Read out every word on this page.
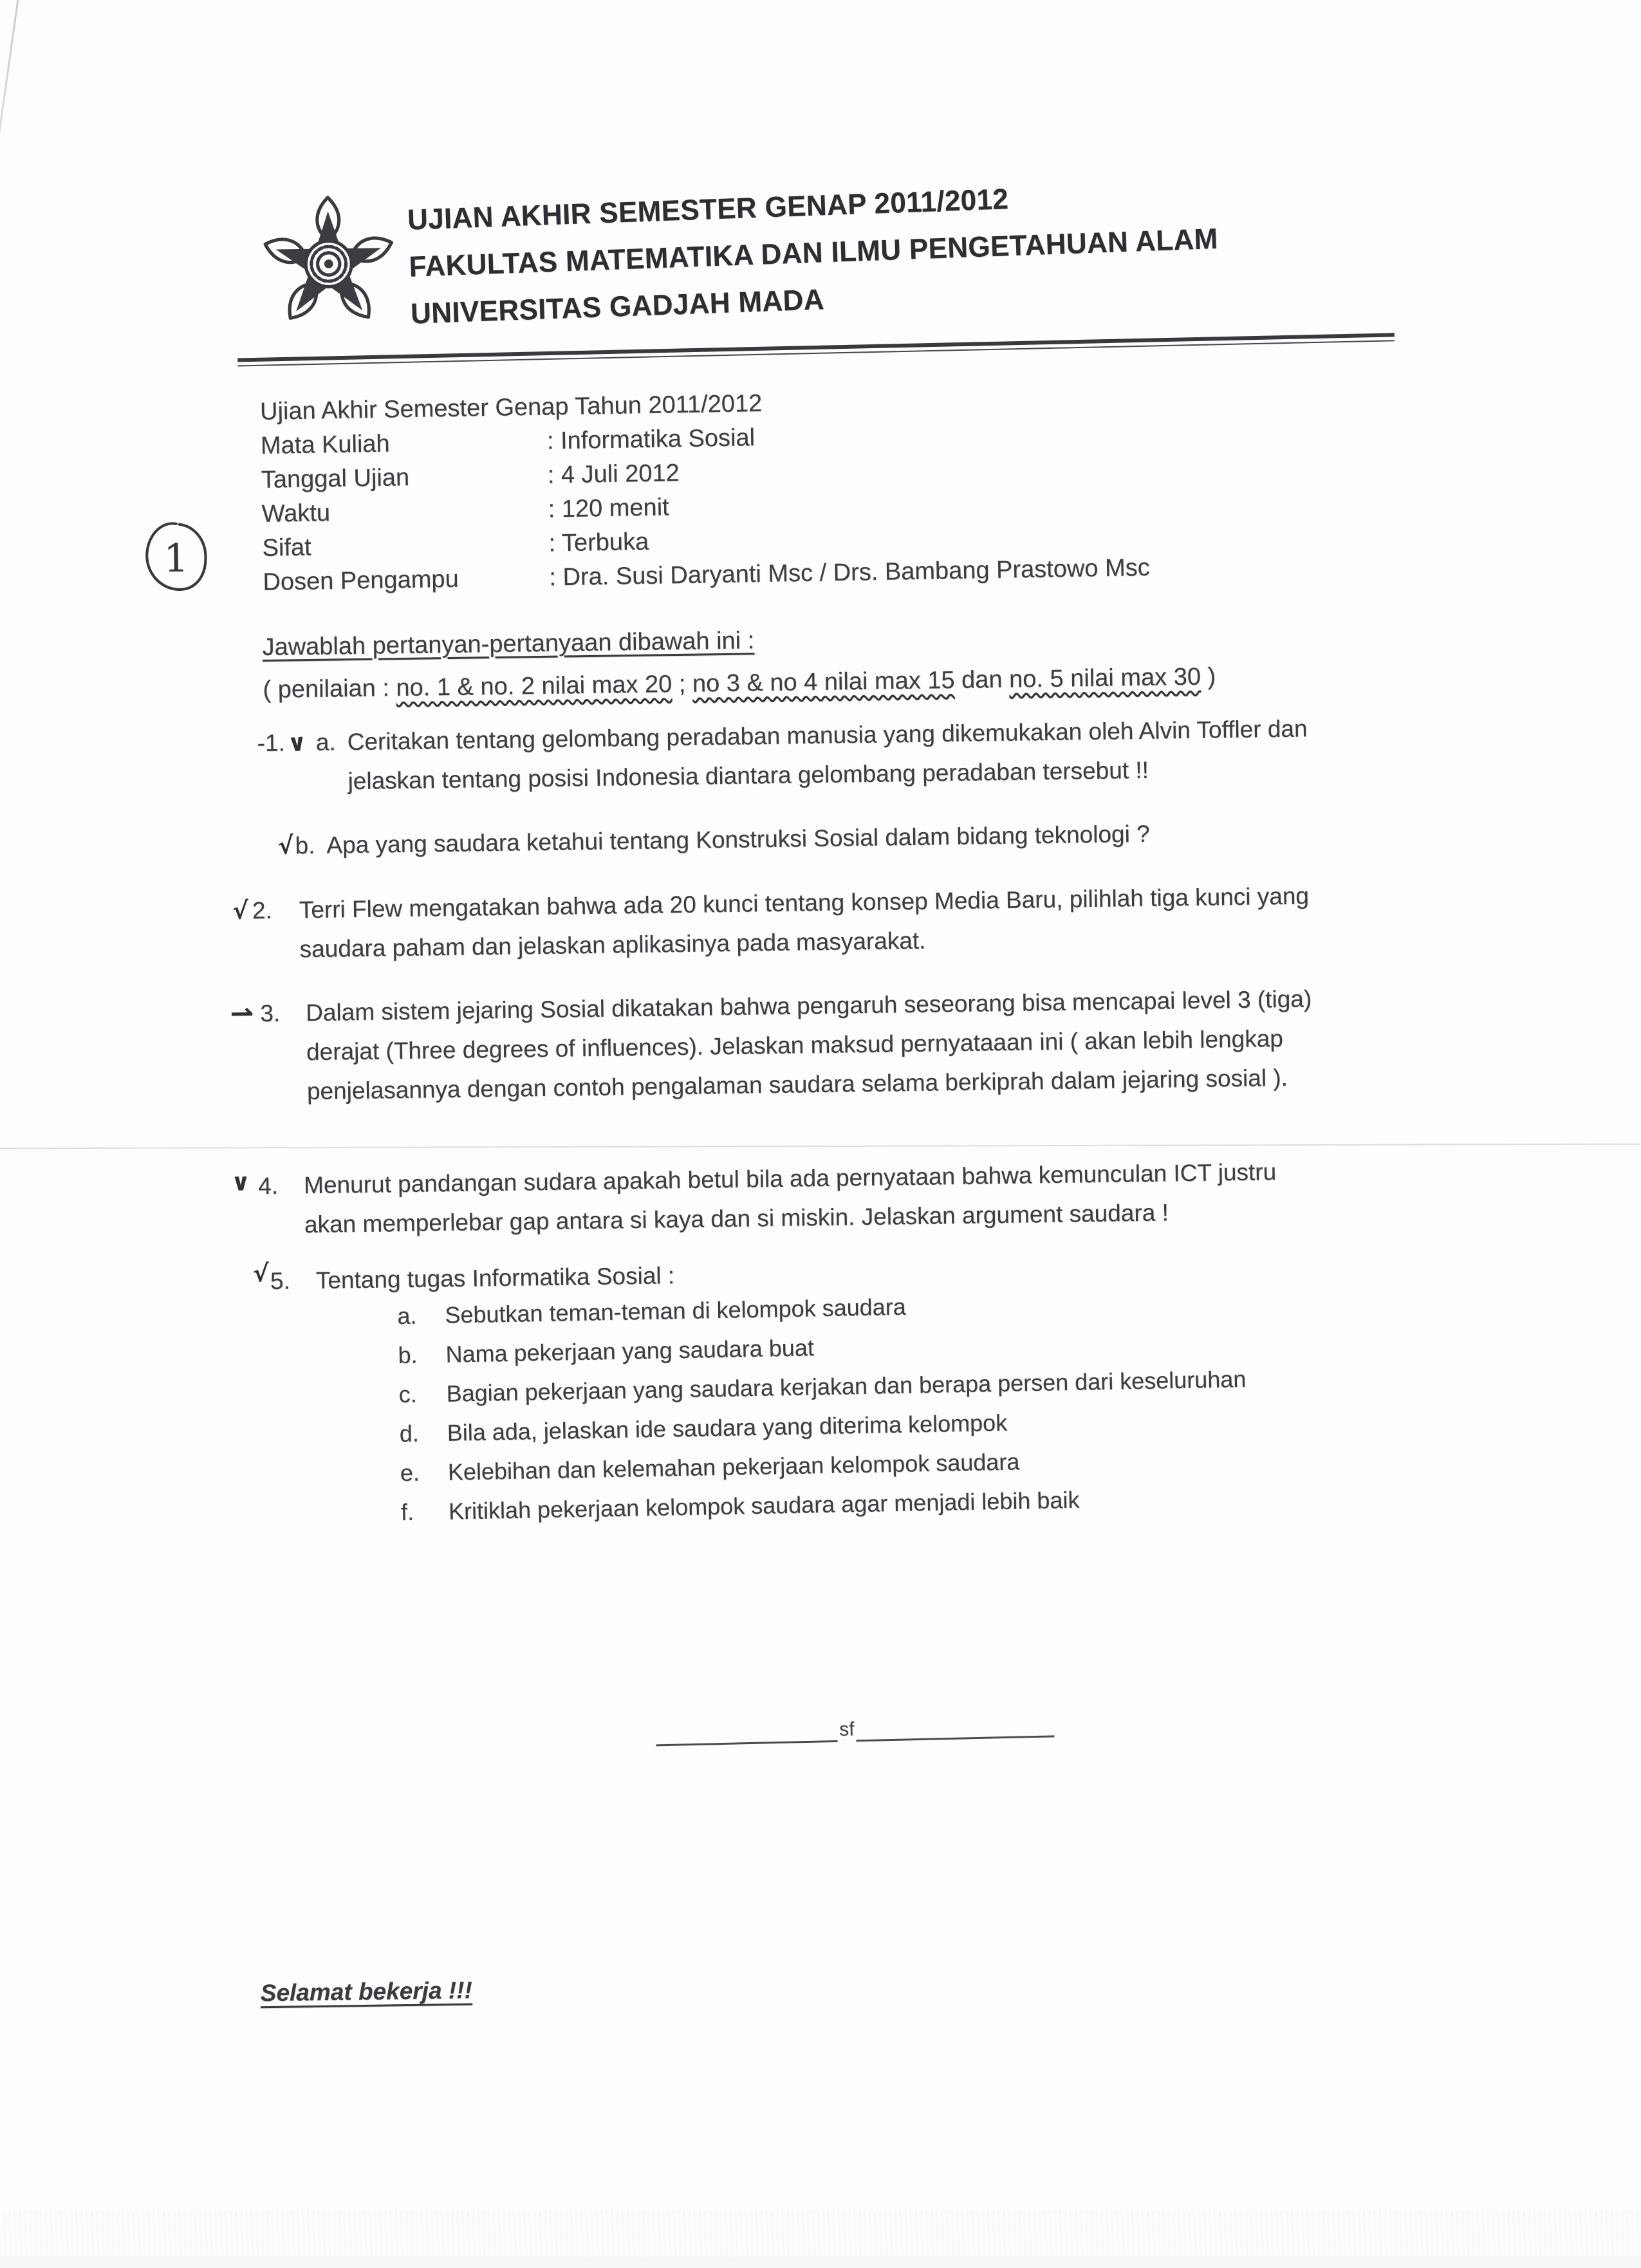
UJIAN AKHIR SEMESTER GENAP 2011/2012
FAKULTAS MATEMATIKA DAN ILMU PENGETAHUAN ALAM
UNIVERSITAS GADJAH MADA
1
Ujian Akhir Semester Genap Tahun 2011/2012
Mata Kuliah	: Informatika Sosial
Tanggal Ujian	: 4 Juli 2012
Waktu	: 120 menit
Sifat	: Terbuka
Dosen Pengampu	: Dra. Susi Daryanti Msc / Drs. Bambang Prastowo Msc
Jawablah pertanyan-pertanyaan dibawah ini :
( penilaian : no. 1 & no. 2 nilai max 20 ; no 3 & no 4 nilai max 15 dan no. 5 nilai max 30 )
-1. ∨ a. Ceritakan tentang gelombang peradaban manusia yang dikemukakan oleh Alvin Toffler dan jelaskan tentang posisi Indonesia diantara gelombang peradaban tersebut !!
√ b. Apa yang saudara ketahui tentang Konstruksi Sosial dalam bidang teknologi ?
√ 2.	Terri Flew mengatakan bahwa ada 20 kunci tentang konsep Media Baru, pilihlah tiga kunci yang saudara paham dan jelaskan aplikasinya pada masyarakat.
⇀ 3.	Dalam sistem jejaring Sosial dikatakan bahwa pengaruh seseorang bisa mencapai level 3 (tiga) derajat (Three degrees of influences). Jelaskan maksud pernyataaan ini ( akan lebih lengkap penjelasannya dengan contoh pengalaman saudara selama berkiprah dalam jejaring sosial ).
∨ 4.	Menurut pandangan sudara apakah betul bila ada pernyataan bahwa kemunculan ICT justru akan memperlebar gap antara si kaya dan si miskin. Jelaskan argument saudara !
√ 5.	Tentang tugas Informatika Sosial :
a.	Sebutkan teman-teman di kelompok saudara
b.	Nama pekerjaan yang saudara buat
c.	Bagian pekerjaan yang saudara kerjakan dan berapa persen dari keseluruhan
d.	Bila ada, jelaskan ide saudara yang diterima kelompok
e.	Kelebihan dan kelemahan pekerjaan kelompok saudara
f.	Kritiklah pekerjaan kelompok saudara agar menjadi lebih baik
sf
Selamat bekerja !!!
